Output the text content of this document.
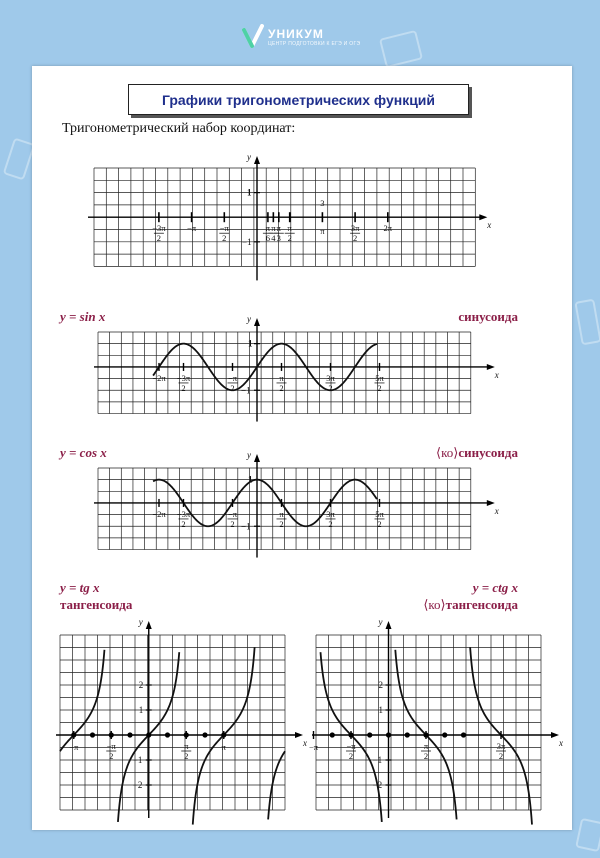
УНИКУМ
ЦЕНТР ПОДГОТОВКИ К ЕГЭ И ОГЭ
Графики тригонометрических функций
Тригонометрический набор координат:
x
y
1
−1
−3π
2
−π	−π
2
π
6
π
4
π
3
π
2
3
π	3π
2
2π
y = sin x	синусоида
x
y
1
−1
−2π −3π
2
−π
2
π
2
3π
2
5π
2
y = cos x	⟨ко⟩синусоида
x
y
1
−1
−2π −3π
2
−π
2
π
2
3π
2
5π
2
y = tg x
тангенсоида
x
y
2
1
−1
−2
−π	−π
2
π
2
π
y = ctg x
⟨ко⟩тангенсоида
x
y
2
1
−1
−2
−π	−π
2
π
2
3π
2
